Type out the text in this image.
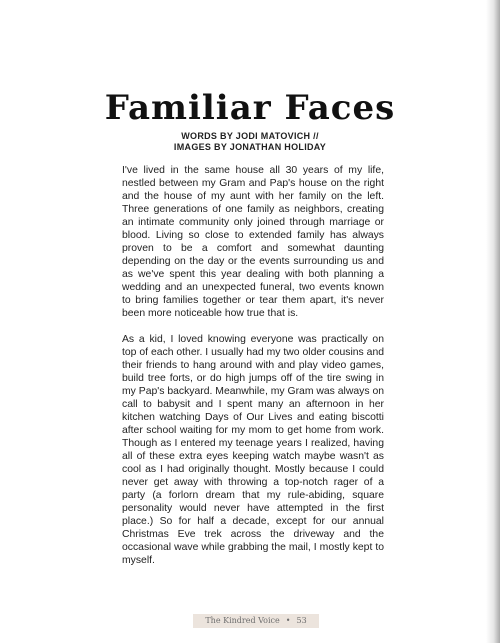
Familiar Faces
WORDS BY JODI MATOVICH //
IMAGES BY JONATHAN HOLIDAY

I've lived in the same house all 30 years of my life, nestled between my Gram and Pap's house on the right and the house of my aunt with her family on the left. Three generations of one family as neighbors, creating an intimate community only joined through marriage or blood. Living so close to extended family has always proven to be a comfort and somewhat daunting depending on the day or the events surrounding us and as we've spent this year dealing with both planning a wedding and an unexpected funeral, two events known to bring families together or tear them apart, it's never been more noticeable how true that is.

As a kid, I loved knowing everyone was practically on top of each other. I usually had my two older cousins and their friends to hang around with and play video games, build tree forts, or do high jumps off of the tire swing in my Pap's backyard. Meanwhile, my Gram was always on call to babysit and I spent many an afternoon in her kitchen watching Days of Our Lives and eating biscotti after school waiting for my mom to get home from work. Though as I entered my teenage years I realized, having all of these extra eyes keeping watch maybe wasn't as cool as I had originally thought. Mostly because I could never get away with throwing a top-notch rager of a party (a forlorn dream that my rule-abiding, square personality would never have attempted in the first place.) So for half a decade, except for our annual Christmas Eve trek across the driveway and the occasional wave while grabbing the mail, I mostly kept to myself.

The Kindred Voice • 53
